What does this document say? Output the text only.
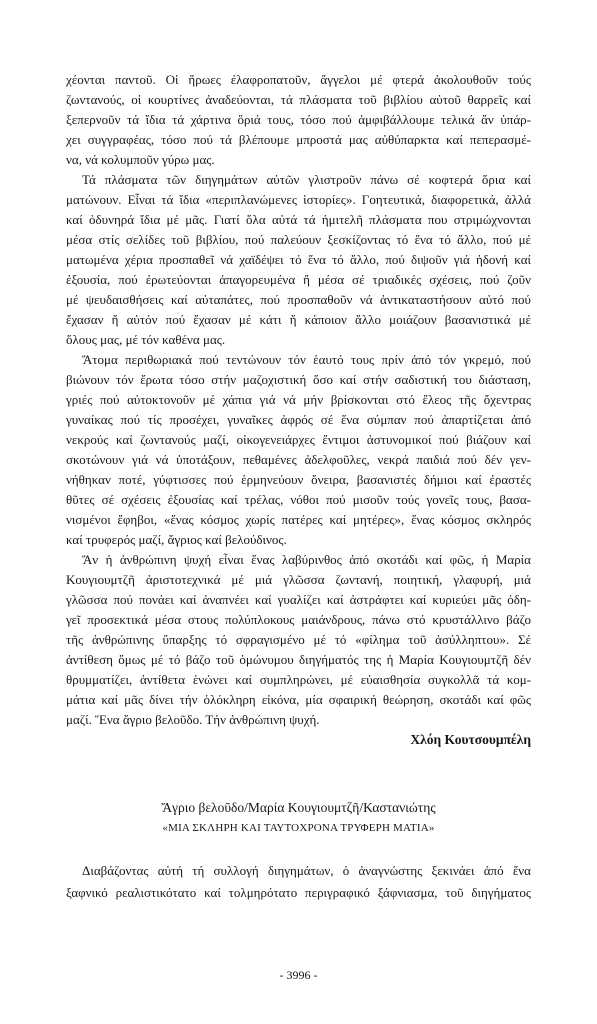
χέονται παντοῦ. Οἱ ἥρωες ἐλαφροπατοῦν, ἄγγελοι μέ φτερά ἀκολουθοῦν τούς
ζωντανούς, οἱ κουρτίνες ἀναδεύονται, τά πλάσματα τοῦ βιβλίου αὐτοῦ θαρρεῖς καί
ξεπερνοῦν τά ἴδια τά χάρτινα ὅριά τους, τόσο πού ἀμφιβάλλουμε τελικά ἄν ὑπάρ-
χει συγγραφέας, τόσο πού τά βλέπουμε μπροστά μας αὐθύπαρκτα καί πεπερασμέ-
να, νά κολυμποῦν γύρω μας.
Τά πλάσματα τῶν διηγημάτων αὐτῶν γλιστροῦν πάνω σέ κοφτερά ὅρια καί
ματώνουν. Εἶναι τά ἴδια «περιπλανώμενες ἱστορίες». Γοητευτικά, διαφορετικά, ἀλλά
καί ὀδυνηρά ἴδια μέ μᾶς. Γιατί ὅλα αὐτά τά ἡμιτελῆ πλάσματα που στριμώχνονται
μέσα στίς σελίδες τοῦ βιβλίου, πού παλεύουν ξεσκίζοντας τό ἕνα τό ἄλλο, πού μέ
ματωμένα χέρια προσπαθεῖ νά χαϊδέψει τό ἕνα τό ἄλλο, πού διψοῦν γιά ἡδονή καί
ἐξουσία, πού ἐρωτεύονται ἀπαγορευμένα ἤ μέσα σέ τριαδικές σχέσεις, πού ζοῦν
μέ ψευδαισθήσεις καί αὐταπάτες, πού προσπαθοῦν νά ἀντικαταστήσουν αὐτό πού
ἔχασαν ἤ αὐτόν πού ἔχασαν μέ κάτι ἤ κάποιον ἄλλο μοιάζουν βασανιστικά μέ
ὅλους μας, μέ τόν καθένα μας.
Ἄτομα περιθωριακά πού τεντώνουν τόν ἑαυτό τους πρίν ἀπό τόν γκρεμό, πού
βιώνουν τόν ἔρωτα τόσο στήν μαζοχιστική ὅσο καί στήν σαδιστική του διάσταση,
γριές πού αὐτοκτονοῦν μέ χάπια γιά νά μήν βρίσκονται στό ἔλεος τῆς ὄχεντρας
γυναίκας πού τίς προσέχει, γυναῖκες ἀφρός σέ ἕνα σύμπαν πού ἀπαρτίζεται ἀπό
νεκρούς καί ζωντανούς μαζί, οἰκογενειάρχες ἔντιμοι ἀστυνομικοί πού βιάζουν καί
σκοτώνουν γιά νά ὑποτάξουν, πεθαμένες ἀδελφοῦλες, νεκρά παιδιά πού δέν γεν-
νήθηκαν ποτέ, γύφτισσες πού ἑρμηνεύουν ὄνειρα, βασανιστές δήμιοι καί ἐραστές
θῦτες σέ σχέσεις ἐξουσίας καί τρέλας, νόθοι πού μισοῦν τούς γονεῖς τους, βασα-
νισμένοι ἔφηβοι, «ἕνας κόσμος χωρίς πατέρες καί μητέρες», ἕνας κόσμος σκληρός
καί τρυφερός μαζί, ἄγριος καί βελούδινος.
Ἄν ἡ ἀνθρώπινη ψυχή εἶναι ἕνας λαβύρινθος ἀπό σκοτάδι καί φῶς, ἡ Μαρία
Κουγιουμτζῆ ἀριστοτεχνικά μέ μιά γλῶσσα ζωντανή, ποιητική, γλαφυρή, μιά
γλῶσσα πού πονάει καί ἀναπνέει καί γυαλίζει καί ἀστράφτει καί κυριεύει μᾶς ὁδη-
γεῖ προσεκτικά μέσα στους πολύπλοκους μαιάνδρους, πάνω στό κρυστάλλινο βάζο
τῆς ἀνθρώπινης ὕπαρξης τό σφραγισμένο μέ τό «φίλημα τοῦ ἀσύλληπτου». Σέ
ἀντίθεση ὅμως μέ τό βάζο τοῦ ὁμώνυμου διηγήματός της ἡ Μαρία Κουγιουμτζῆ δέν
θρυμματίζει, ἀντίθετα ἑνώνει καί συμπληρώνει, μέ εὐαισθησία συγκολλᾶ τά κομ-
μάτια καί μᾶς δίνει τήν ὁλόκληρη εἰκόνα, μία σφαιρική θεώρηση, σκοτάδι καί φῶς
μαζί. Ἕνα ἄγριο βελοῦδο. Τήν ἀνθρώπινη ψυχή.
Χλόη Κουτσουμπέλη
Ἄγριο βελοῦδο/Μαρία Κουγιουμτζῆ/Καστανιώτης
«ΜΙΑ ΣΚΛΗΡΗ ΚΑΙ ΤΑΥΤΟΧΡΟΝΑ ΤΡΥΦΕΡΗ ΜΑΤΙΑ»
Διαβάζοντας αὐτή τή συλλογή διηγημάτων, ὁ ἀναγνώστης ξεκινάει ἀπό ἕνα
ξαφνικό ρεαλιστικότατο καί τολμηρότατο περιγραφικό ξάφνιασμα, τοῦ διηγήματος
- 3996 -
